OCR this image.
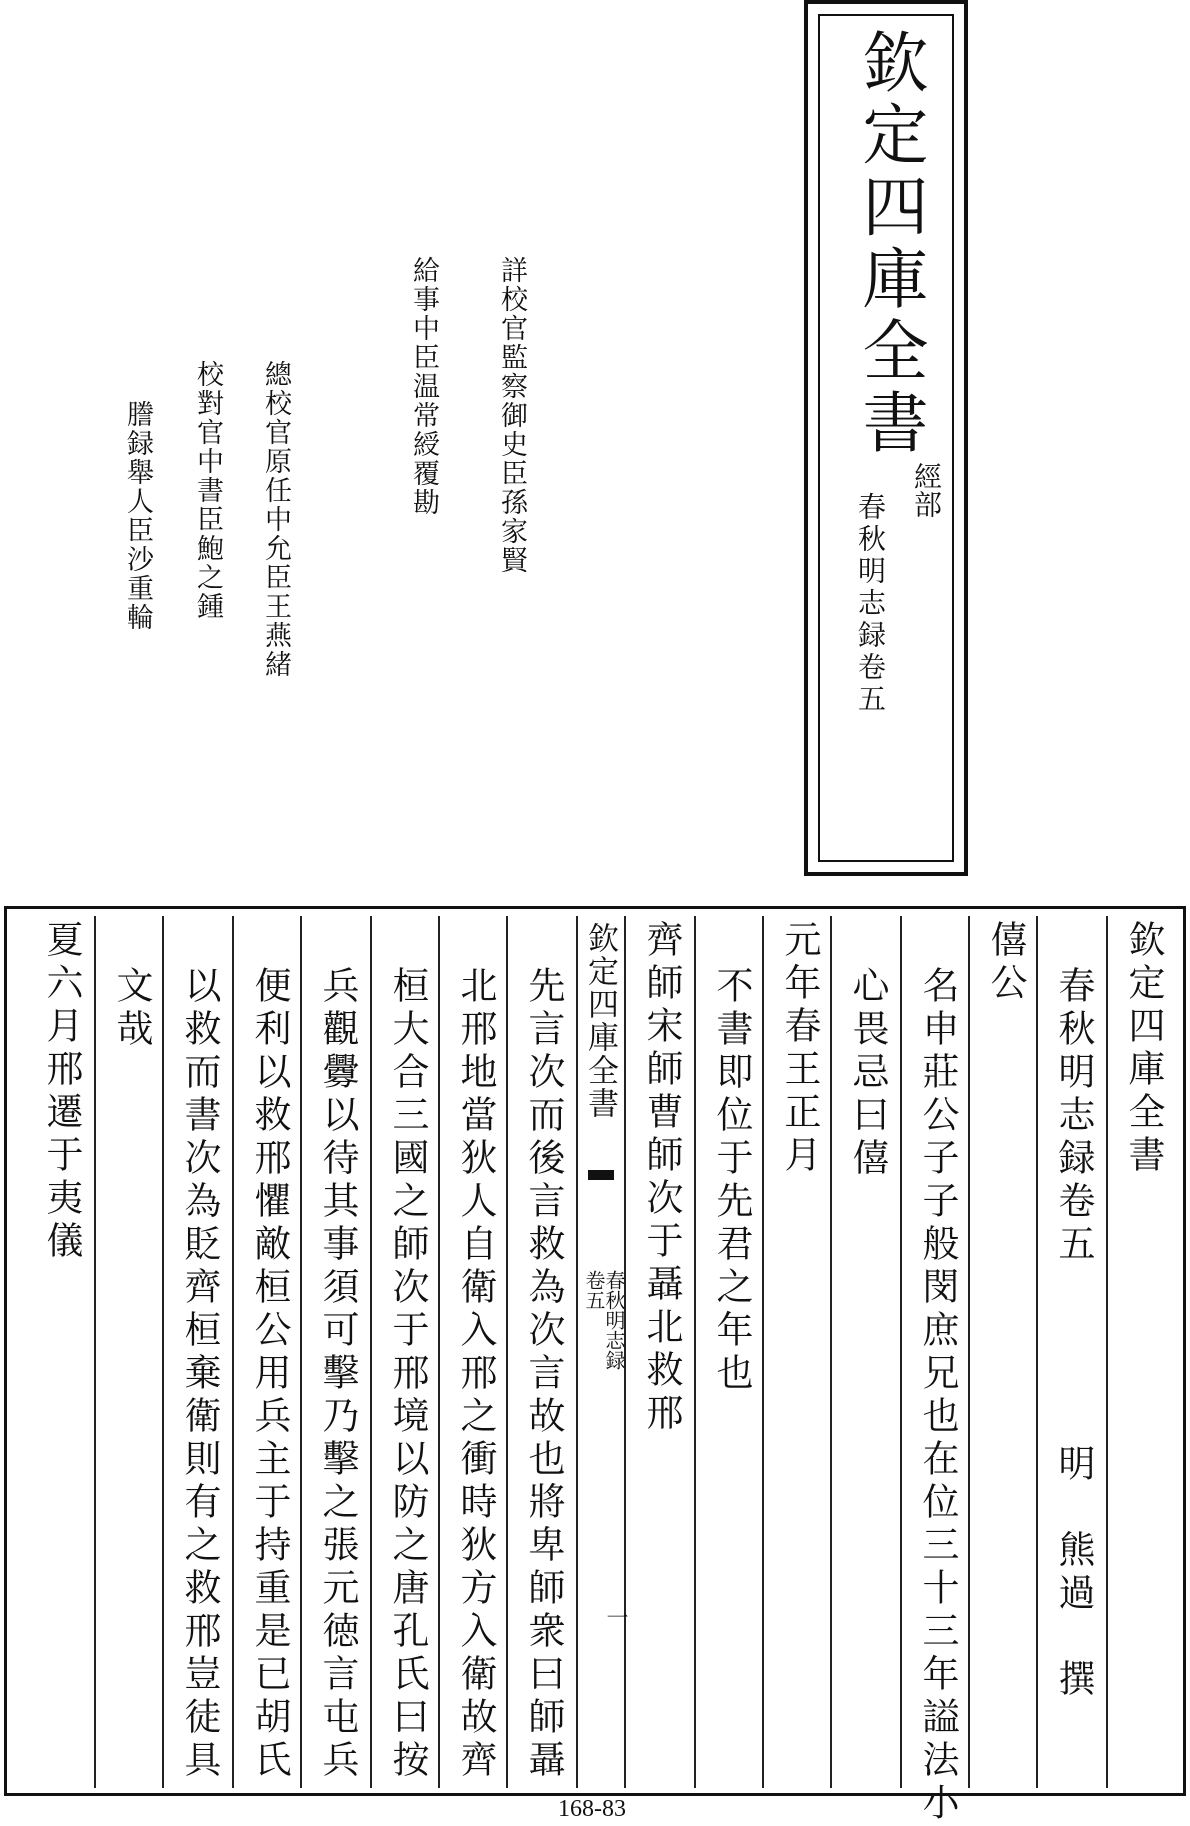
欽定四庫全書
經部
春秋明志録卷五
詳校官監察御史臣孫家賢
給事中臣温常綬覆勘
總校官原任中允臣王燕緒
校對官中書臣鮑之鍾
謄録舉人臣沙重輪
欽定四庫全書
春秋明志録卷五
明　熊過　撰
僖公
名申莊公子子般閔庶兄也在位三十三年謚法小
心畏忌曰僖
元年春王正月
不書即位于先君之年也
齊師宋師曹師次于聶北救邢
欽定四庫全書
春秋明志録
卷五
一
先言次而後言救為次言故也將卑師衆曰師聶
北邢地當狄人自衛入邢之衝時狄方入衛故齊
桓大合三國之師次于邢境以防之唐孔氏曰按
兵觀釁以待其事須可擊乃擊之張元徳言屯兵
便利以救邢懼敵桓公用兵主于持重是已胡氏
以救而書次為貶齊桓棄衛則有之救邢豈徒具
文哉
夏六月邢遷于夷儀
168-83
